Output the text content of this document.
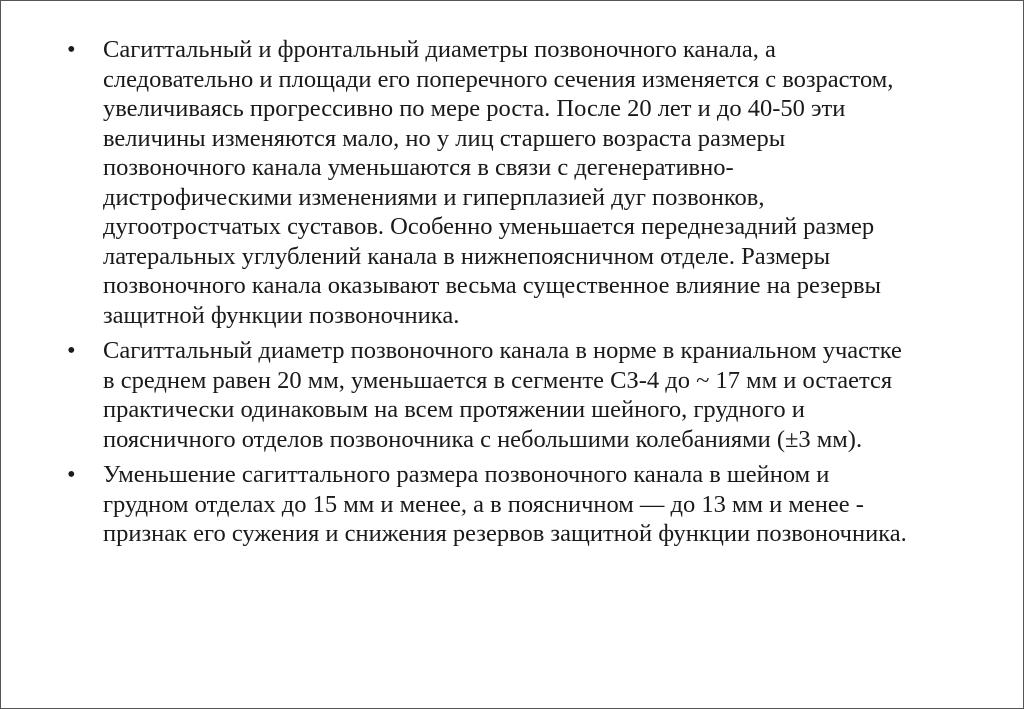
• Сагиттальный и фронтальный диаметры позвоночного канала, а
следовательно и площади его поперечного сечения изменяется с возрастом,
увеличиваясь прогрессивно по мере роста. После 20 лет и до 40-50 эти
величины изменяются мало, но у лиц старшего возраста размеры
позвоночного канала уменьшаются в связи с дегенеративно-
дистрофическими изменениями и гиперплазией дуг позвонков,
дугоотростчатых суставов. Особенно уменьшается переднезадний размер
латеральных углублений канала в нижнепоясничном отделе. Размеры
позвоночного канала оказывают весьма существенное влияние на резервы
защитной функции позвоночника.
• Сагиттальный диаметр позвоночного канала в норме в краниальном участке
в среднем равен 20 мм, уменьшается в сегменте СЗ-4 до ~ 17 мм и остается
практически одинаковым на всем протяжении шейного, грудного и
поясничного отделов позвоночника с небольшими колебаниями (±3 мм).
• Уменьшение сагиттального размера позвоночного канала в шейном и
грудном отделах до 15 мм и менее, а в поясничном — до 13 мм и менее -
признак его сужения и снижения резервов защитной функции позвоночника.
